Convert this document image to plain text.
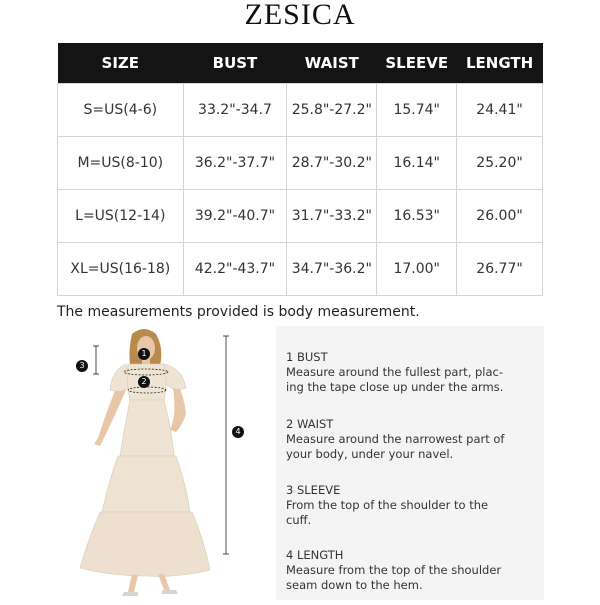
ZESICA
SIZE	BUST	WAIST	SLEEVE	LENGTH
S=US(4-6)	33.2"-34.7	25.8"-27.2"	15.74"	24.41"
M=US(8-10)	36.2"-37.7"	28.7"-30.2"	16.14"	25.20"
L=US(12-14)	39.2"-40.7"	31.7"-33.2"	16.53"	26.00"
XL=US(16-18)	42.2"-43.7"	34.7"-36.2"	17.00"	26.77"
The measurements provided is body measurement.
1
2
3
4
1 BUST
Measure around the fullest part, plac-
ing the tape close up under the arms.
2 WAIST
Measure around the narrowest part of
your body, under your navel.
3 SLEEVE
From the top of the shoulder to the
cuff.
4 LENGTH
Measure from the top of the shoulder
seam down to the hem.
